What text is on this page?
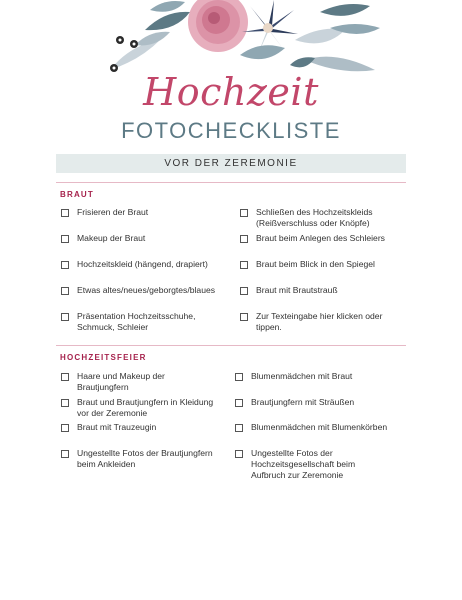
Hochzeit
FOTOCHECKLISTE
VOR DER ZEREMONIE
BRAUT
Frisieren der Braut
Makeup der Braut
Hochzeitskleid (hängend, drapiert)
Etwas altes/neues/geborgtes/blaues
Präsentation Hochzeitsschuhe,
Schmuck, Schleier
Schließen des Hochzeitskleids
(Reißverschluss oder Knöpfe)
Braut beim Anlegen des Schleiers
Braut beim Blick in den Spiegel
Braut mit Brautstrauß
Zur Texteingabe hier klicken oder
tippen.
HOCHZEITSFEIER
Haare und Makeup der
Brautjungfern
Braut und Brautjungfern in Kleidung
vor der Zeremonie
Braut mit Trauzeugin
Ungestellte Fotos der Brautjungfern
beim Ankleiden
Blumenmädchen mit Braut
Brautjungfern mit Sträußen
Blumenmädchen mit Blumenkörben
Ungestellte Fotos der
Hochzeitsgesellschaft beim
Aufbruch zur Zeremonie
